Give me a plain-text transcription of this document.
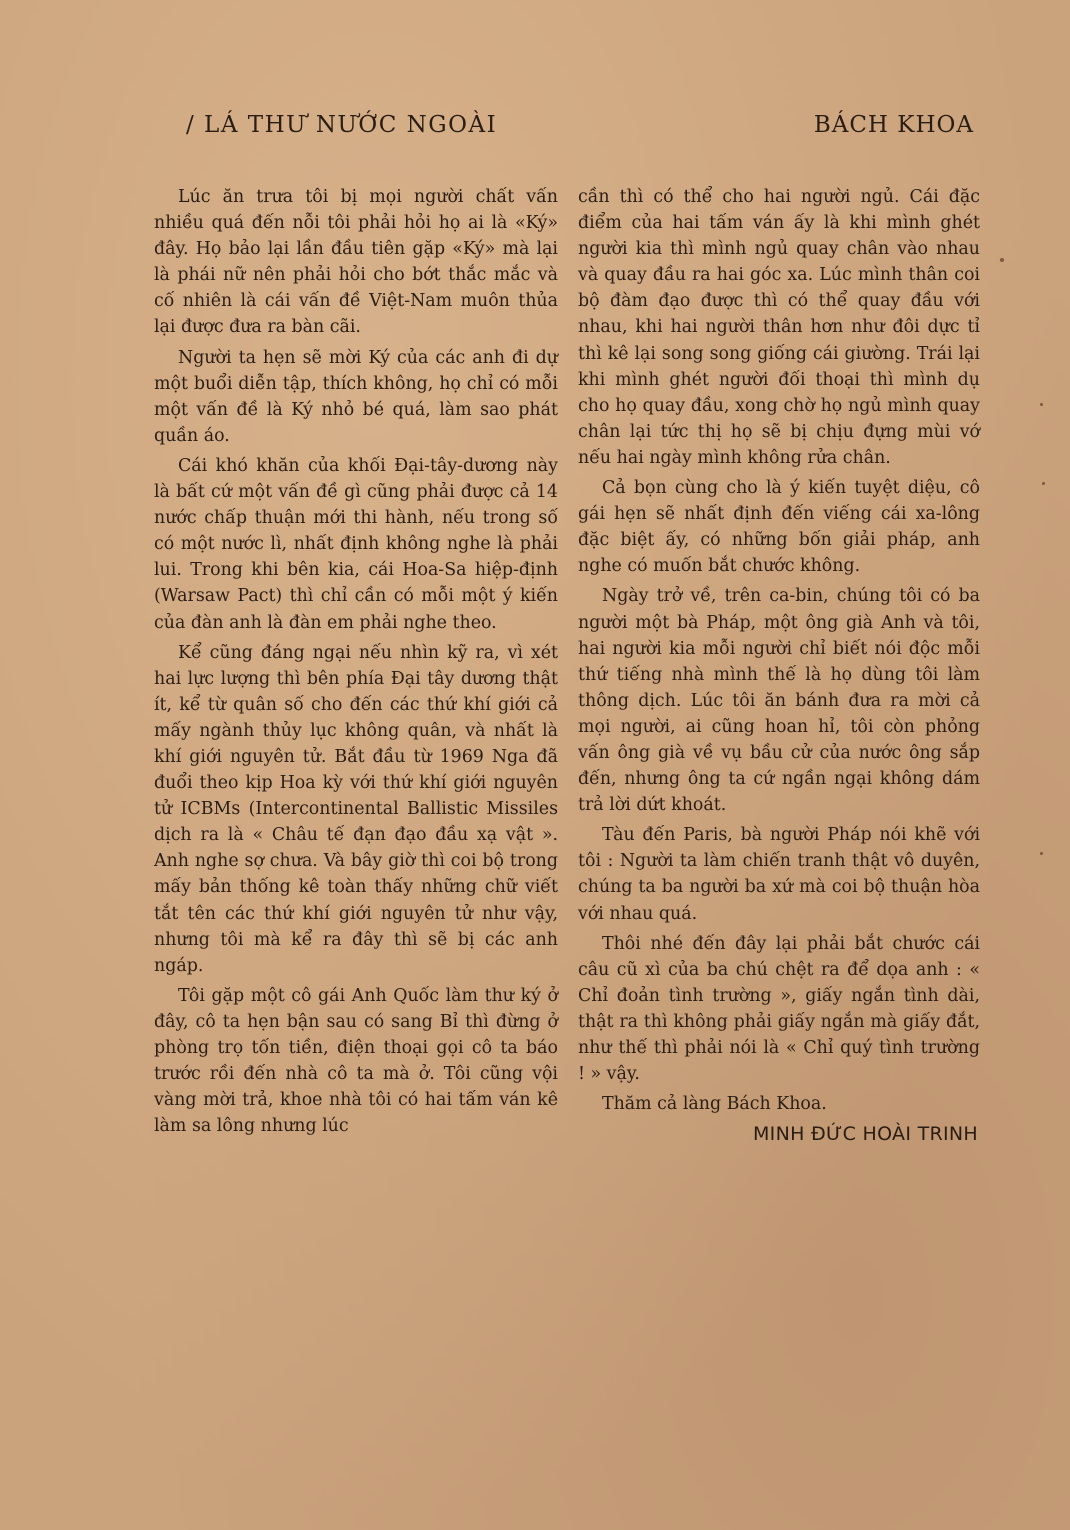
/ LÁ THƯ NƯỚC NGOÀI	BÁCH KHOA

Lúc ăn trưa tôi bị mọi người chất vấn nhiều quá đến nỗi tôi phải hỏi họ ai là «Ký» đây. Họ bảo lại lần đầu tiên gặp «Ký» mà lại là phái nữ nên phải hỏi cho bớt thắc mắc và cố nhiên là cái vấn đề Việt-Nam muôn thủa lại được đưa ra bàn cãi.

Người ta hẹn sẽ mời Ký của các anh đi dự một buổi diễn tập, thích không, họ chỉ có mỗi một vấn đề là Ký nhỏ bé quá, làm sao phát quần áo.

Cái khó khăn của khối Đại-tây-dương này là bất cứ một vấn đề gì cũng phải được cả 14 nước chấp thuận mới thi hành, nếu trong số có một nước lì, nhất định không nghe là phải lui. Trong khi bên kia, cái Hoa-Sa hiệp-định (Warsaw Pact) thì chỉ cần có mỗi một ý kiến của đàn anh là đàn em phải nghe theo.

Kể cũng đáng ngại nếu nhìn kỹ ra, vì xét hai lực lượng thì bên phía Đại tây dương thật ít, kể từ quân số cho đến các thứ khí giới cả mấy ngành thủy lục không quân, và nhất là khí giới nguyên tử. Bắt đầu từ 1969 Nga đã đuổi theo kịp Hoa kỳ với thứ khí giới nguyên tử ICBMs (Intercontinental Ballistic Missiles dịch ra là « Châu tế đạn đạo đầu xạ vật ». Anh nghe sợ chưa. Và bây giờ thì coi bộ trong mấy bản thống kê toàn thấy những chữ viết tắt tên các thứ khí giới nguyên tử như vậy, nhưng tôi mà kể ra đây thì sẽ bị các anh ngáp.

Tôi gặp một cô gái Anh Quốc làm thư ký ở đây, cô ta hẹn bận sau có sang Bỉ thì đừng ở phòng trọ tốn tiền, điện thoại gọi cô ta báo trước rồi đến nhà cô ta mà ở. Tôi cũng vội vàng mời trả, khoe nhà tôi có hai tấm ván kê làm sa lông nhưng lúc

cần thì có thể cho hai người ngủ. Cái đặc điểm của hai tấm ván ấy là khi mình ghét người kia thì mình ngủ quay chân vào nhau và quay đầu ra hai góc xa. Lúc mình thân coi bộ đàm đạo được thì có thể quay đầu với nhau, khi hai người thân hơn như đôi dực tỉ thì kê lại song song giống cái giường. Trái lại khi mình ghét người đối thoại thì mình dụ cho họ quay đầu, xong chờ họ ngủ mình quay chân lại tức thị họ sẽ bị chịu đựng mùi vớ nếu hai ngày mình không rửa chân.

Cả bọn cùng cho là ý kiến tuyệt diệu, cô gái hẹn sẽ nhất định đến viếng cái xa-lông đặc biệt ấy, có những bốn giải pháp, anh nghe có muốn bắt chước không.

Ngày trở về, trên ca-bin, chúng tôi có ba người một bà Pháp, một ông già Anh và tôi, hai người kia mỗi người chỉ biết nói độc mỗi thứ tiếng nhà mình thế là họ dùng tôi làm thông dịch. Lúc tôi ăn bánh đưa ra mời cả mọi người, ai cũng hoan hỉ, tôi còn phỏng vấn ông già về vụ bầu cử của nước ông sắp đến, nhưng ông ta cứ ngần ngại không dám trả lời dứt khoát.

Tàu đến Paris, bà người Pháp nói khẽ với tôi : Người ta làm chiến tranh thật vô duyên, chúng ta ba người ba xứ mà coi bộ thuận hòa với nhau quá.

Thôi nhé đến đây lại phải bắt chước cái câu cũ xì của ba chú chệt ra để dọa anh : « Chỉ đoản tình trường », giấy ngắn tình dài, thật ra thì không phải giấy ngắn mà giấy đắt, như thế thì phải nói là « Chỉ quý tình trường ! » vậy.

Thăm cả làng Bách Khoa.

MINH ĐỨC HOÀI TRINH
